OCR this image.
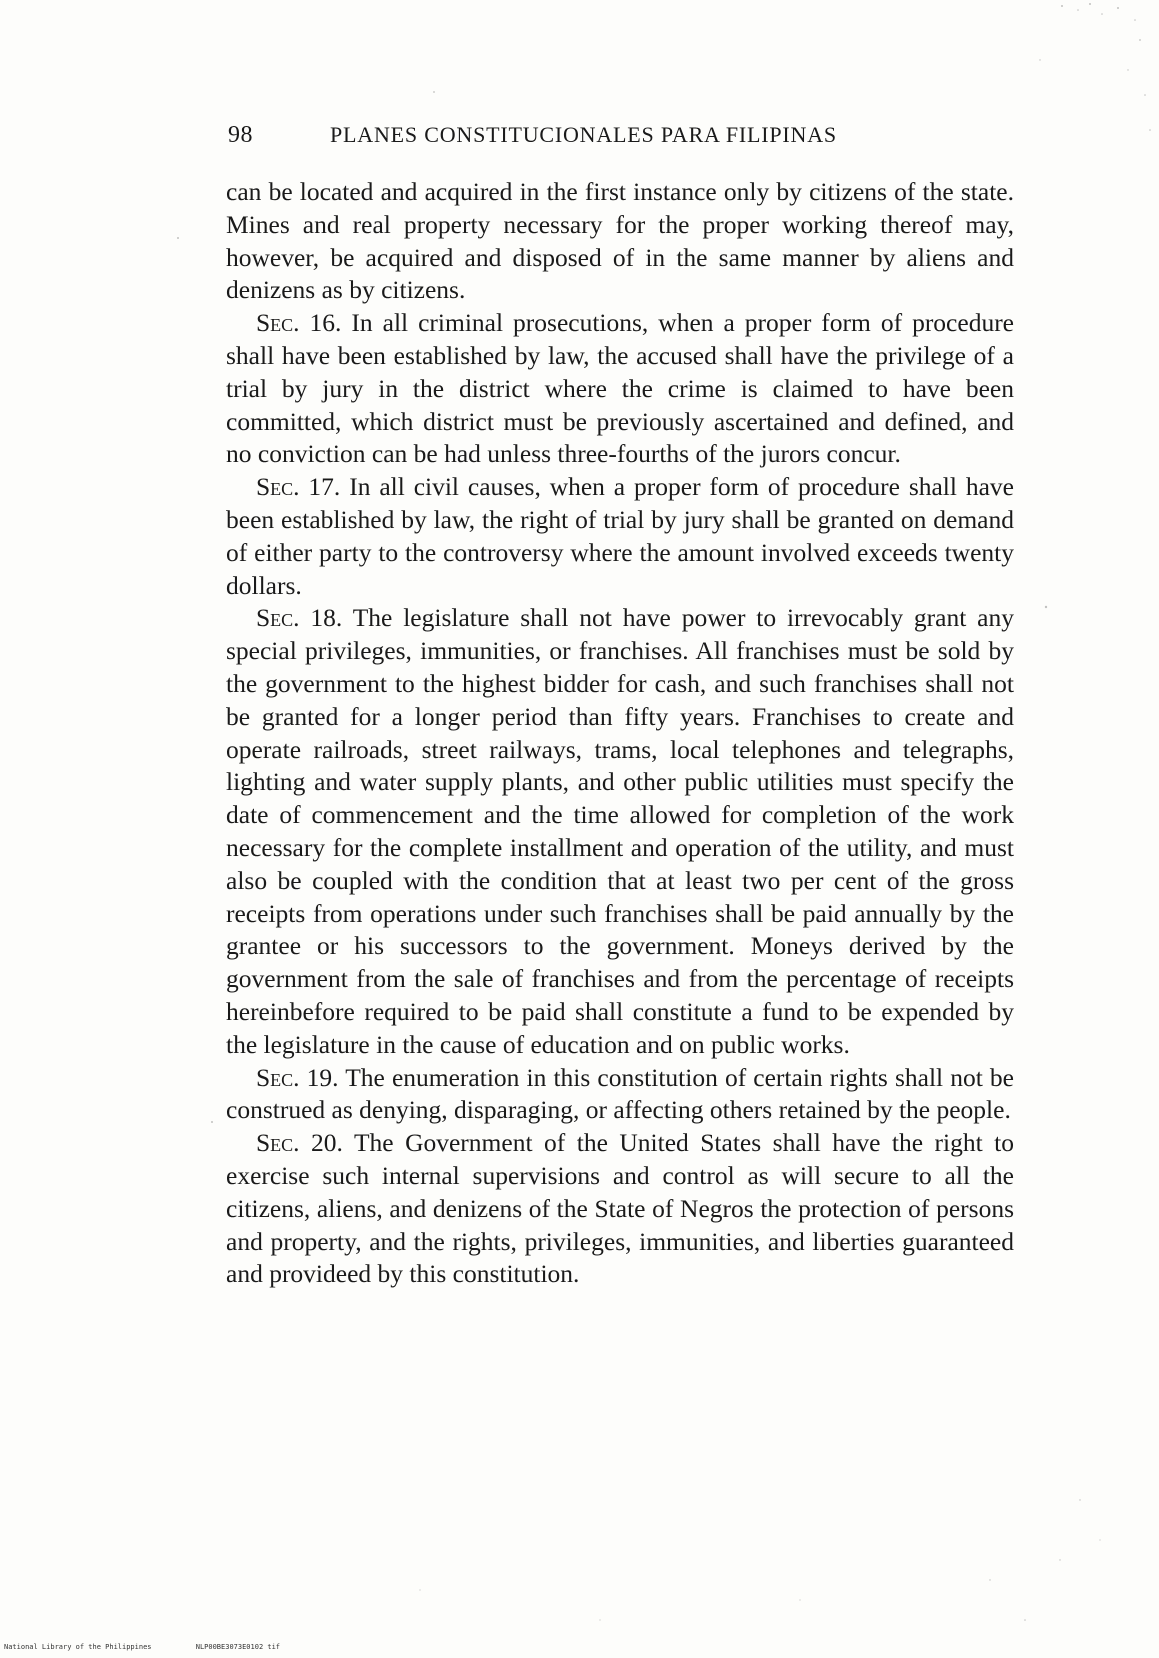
98	PLANES CONSTITUCIONALES PARA FILIPINAS

can be located and acquired in the first instance only by citizens of the state. Mines and real property necessary for the proper working thereof may, however, be acquired and disposed of in the same manner by aliens and denizens as by citizens.

Sec. 16. In all criminal prosecutions, when a proper form of procedure shall have been established by law, the accused shall have the privilege of a trial by jury in the district where the crime is claimed to have been committed, which district must be previously ascertained and defined, and no conviction can be had unless three-fourths of the jurors concur.

Sec. 17. In all civil causes, when a proper form of procedure shall have been established by law, the right of trial by jury shall be granted on demand of either party to the controversy where the amount involved exceeds twenty dollars.

Sec. 18. The legislature shall not have power to irrevocably grant any special privileges, immunities, or franchises. All franchises must be sold by the government to the highest bidder for cash, and such franchises shall not be granted for a longer period than fifty years. Franchises to create and operate railroads, street railways, trams, local telephones and telegraphs, lighting and water supply plants, and other public utilities must specify the date of commencement and the time allowed for completion of the work necessary for the complete installment and operation of the utility, and must also be coupled with the condition that at least two per cent of the gross receipts from operations under such franchises shall be paid annually by the grantee or his successors to the government. Moneys derived by the government from the sale of franchises and from the percentage of receipts hereinbefore required to be paid shall constitute a fund to be expended by the legislature in the cause of education and on public works.

Sec. 19. The enumeration in this constitution of certain rights shall not be construed as denying, disparaging, or affecting others retained by the people.

Sec. 20. The Government of the United States shall have the right to exercise such internal supervisions and control as will secure to all the citizens, aliens, and denizens of the State of Negros the protection of persons and property, and the rights, privileges, immunities, and liberties guaranteed and provideed by this constitution.

National Library of the Philippines	NLP00BE3073E0102 tif
